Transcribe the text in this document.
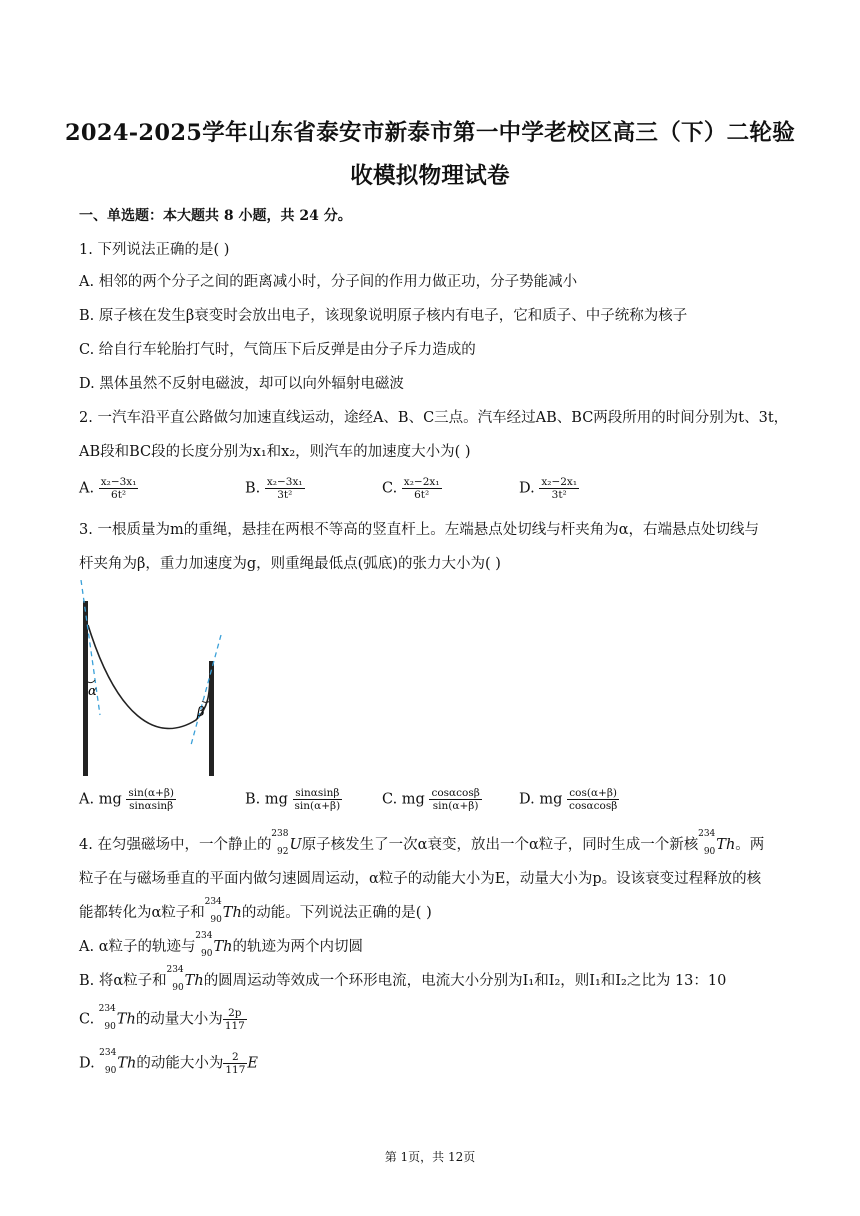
2024-2025学年山东省泰安市新泰市第一中学老校区高三（下）二轮验
收模拟物理试卷
一、单选题：本大题共 8 小题，共 24 分。
1. 下列说法正确的是( )
A. 相邻的两个分子之间的距离减小时，分子间的作用力做正功，分子势能减小
B. 原子核在发生β衰变时会放出电子，该现象说明原子核内有电子，它和质子、中子统称为核子
C. 给自行车轮胎打气时，气筒压下后反弹是由分子斥力造成的
D. 黑体虽然不反射电磁波，却可以向外辐射电磁波
2. 一汽车沿平直公路做匀加速直线运动，途经A、B、C三点。汽车经过AB、BC两段所用的时间分别为t、3t，
AB段和BC段的长度分别为x₁和x₂，则汽车的加速度大小为( )
A. $\frac{\text{x₂−3x₁}}{\text{6t²}}$	B. $\frac{\text{x₂−3x₁}}{\text{3t²}}$	C. $\frac{\text{x₂−2x₁}}{\text{6t²}}$	D. $\frac{\text{x₂−2x₁}}{\text{3t²}}$
3. 一根质量为m的重绳，悬挂在两根不等高的竖直杆上。左端悬点处切线与杆夹角为α，右端悬点处切线与
杆夹角为β，重力加速度为g，则重绳最低点(弧底)的张力大小为( )
α
β
A. mg $\frac{\sin(\alpha+\beta)}{\sin\alpha\sin\beta}$	B. mg $\frac{\sin\alpha\sin\beta}{\sin(\alpha+\beta)}$	C. mg $\frac{\cos\alpha\cos\beta}{\sin(\alpha+\beta)}$	D. mg $\frac{\cos(\alpha+\beta)}{\cos\alpha\cos\beta}$
4. 在匀强磁场中，一个静止的
238
92 U原子核发生了一次α衰变，放出一个α粒子，同时生成一个新核
234
90 Th。两
粒子在与磁场垂直的平面内做匀速圆周运动，α粒子的动能大小为E，动量大小为p。设该衰变过程释放的核
能都转化为α粒子和
234
90 Th的动能。下列说法正确的是( )
A. α粒子的轨迹与
234
90 Th的轨迹为两个内切圆
B. 将α粒子和
234
90 Th的圆周运动等效成一个环形电流，电流大小分别为I₁和I₂，则I₁和I₂之比为 13：10
C.
234
90 Th的动量大小为 $\frac{2p}{117}$
D.
234
90 Th的动能大小为 $\frac{2}{117}$ E
第 1页，共 12页
